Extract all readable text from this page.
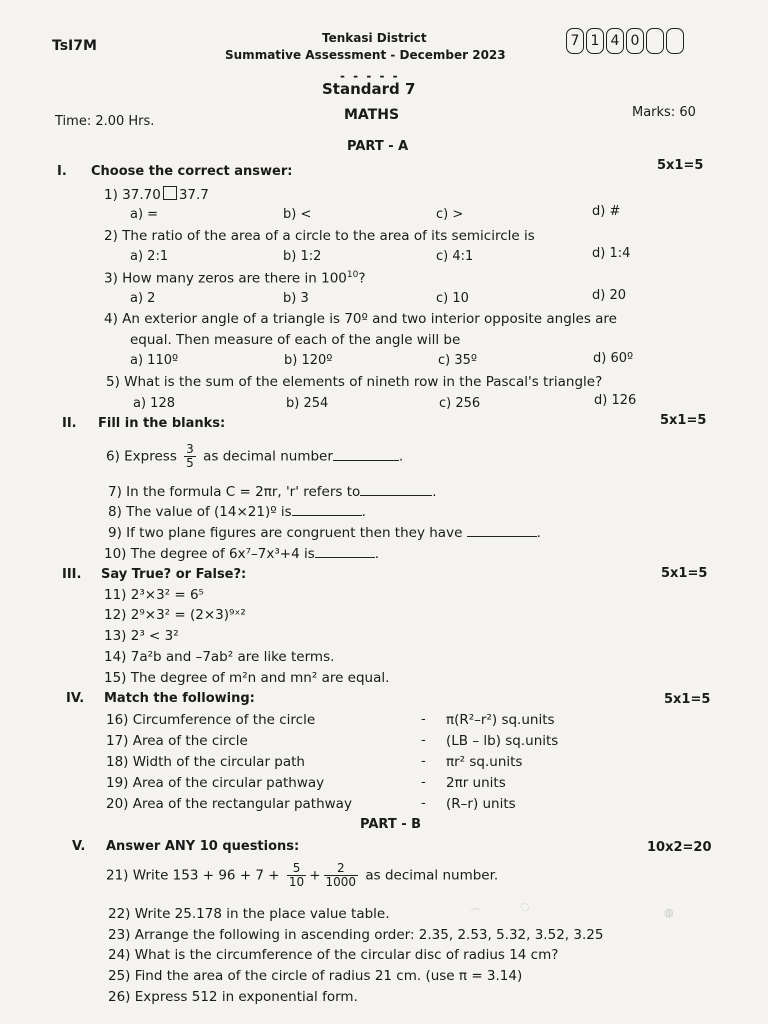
TsI7M	Tenkasi District
Summative Assessment - December 2023
7 1 4 0
- - - - -
Standard 7
Time: 2.00 Hrs.	MATHS	Marks: 60
PART - A
I. Choose the correct answer:	5x1=5
1) 37.70 37.7
a) =	b) <	c) >	d) #
2) The ratio of the area of a circle to the area of its semicircle is
a) 2:1	b) 1:2	c) 4:1	d) 1:4
3) How many zeros are there in $100^{10}$?
a) 2	b) 3	c) 10	d) 20
4) An exterior angle of a triangle is 70º and two interior opposite angles are
equal. Then measure of each of the angle will be
a) 110º	b) 120º	c) 35º	d) 60º
5) What is the sum of the elements of nineth row in the Pascal's triangle?
a) 128	b) 254	c) 256	d) 126
II. Fill in the blanks:	5x1=5
6) Express $\frac{3}{5}$ as decimal number	.
7) In the formula C = 2πr, 'r' refers to	.
8) The value of (14×21)º is	.
9) If two plane figures are congruent then they have	.
10) The degree of 6x⁷–7x³+4 is	.
III. Say True? or False?:	5x1=5
11) 2³×3² = 6⁵
12) 2⁹×3² = (2×3)⁹ˣ²
13) 2³ < 3²
14) 7a²b and –7ab² are like terms.
15) The degree of m²n and mn² are equal.
IV. Match the following:	5x1=5
16) Circumference of the circle	- π(R²–r²) sq.units
17) Area of the circle	- (LB – lb) sq.units
18) Width of the circular path	- πr² sq.units
19) Area of the circular pathway	- 2πr units
20) Area of the rectangular pathway	- (R–r) units
PART - B
V. Answer ANY 10 questions:	10x2=20
21) Write $153 + 96 + 7 + \frac{5}{10} + \frac{2}{1000}$ as decimal number.
22) Write 25.178 in the place value table.
23) Arrange the following in ascending order: 2.35, 2.53, 5.32, 3.52, 3.25
24) What is the circumference of the circular disc of radius 14 cm?
25) Find the area of the circle of radius 21 cm. (use π = 3.14)
26) Express 512 in exponential form.
⌒
◌	◍
